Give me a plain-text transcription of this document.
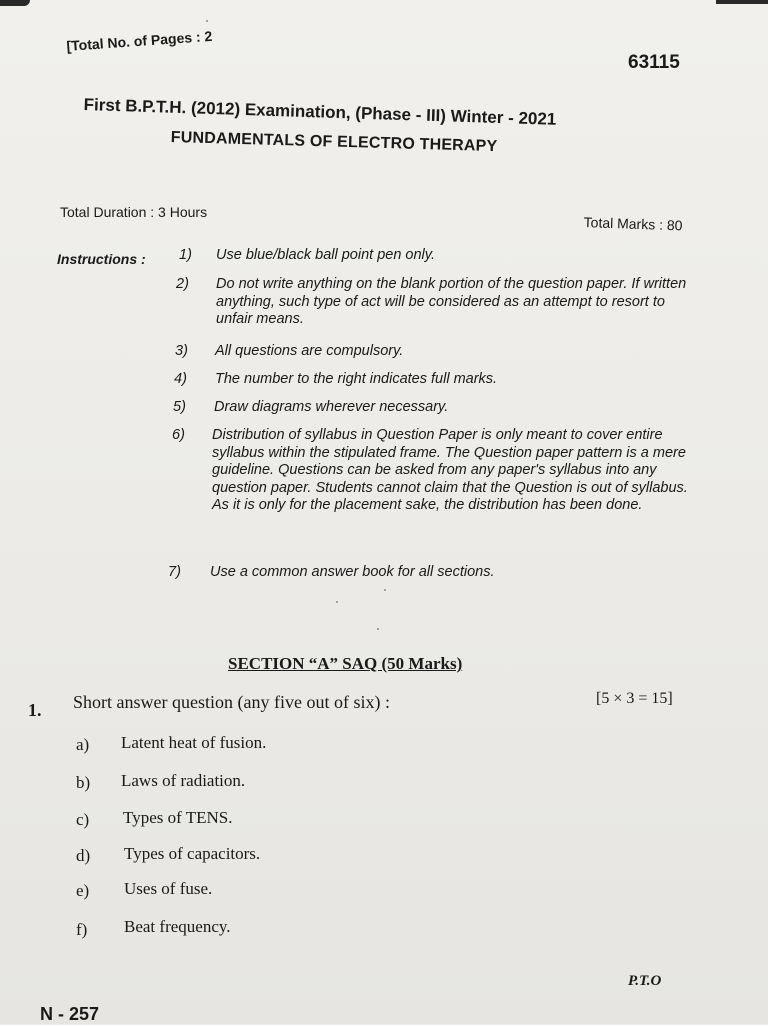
[Total No. of Pages : 2
63115
First B.P.T.H. (2012) Examination, (Phase - III) Winter - 2021
FUNDAMENTALS OF ELECTRO THERAPY
Total Duration : 3 Hours
Total Marks : 80
Instructions : 1)	Use blue/black ball point pen only.
2)	Do not write anything on the blank portion of the question paper. If written anything, such type of act will be considered as an attempt to resort to unfair means.
3)	All questions are compulsory.
4)	The number to the right indicates full marks.
5)	Draw diagrams wherever necessary.
6)	Distribution of syllabus in Question Paper is only meant to cover entire syllabus within the stipulated frame. The Question paper pattern is a mere guideline. Questions can be asked from any paper's syllabus into any question paper. Students cannot claim that the Question is out of syllabus. As it is only for the placement sake, the distribution has been done.
7)	Use a common answer book for all sections.
SECTION “A” SAQ (50 Marks)
1. Short answer question (any five out of six) :	[5 × 3 = 15]
a) Latent heat of fusion.
b) Laws of radiation.
c) Types of TENS.
d) Types of capacitors.
e) Uses of fuse.
f) Beat frequency.
P.T.O
N - 257
